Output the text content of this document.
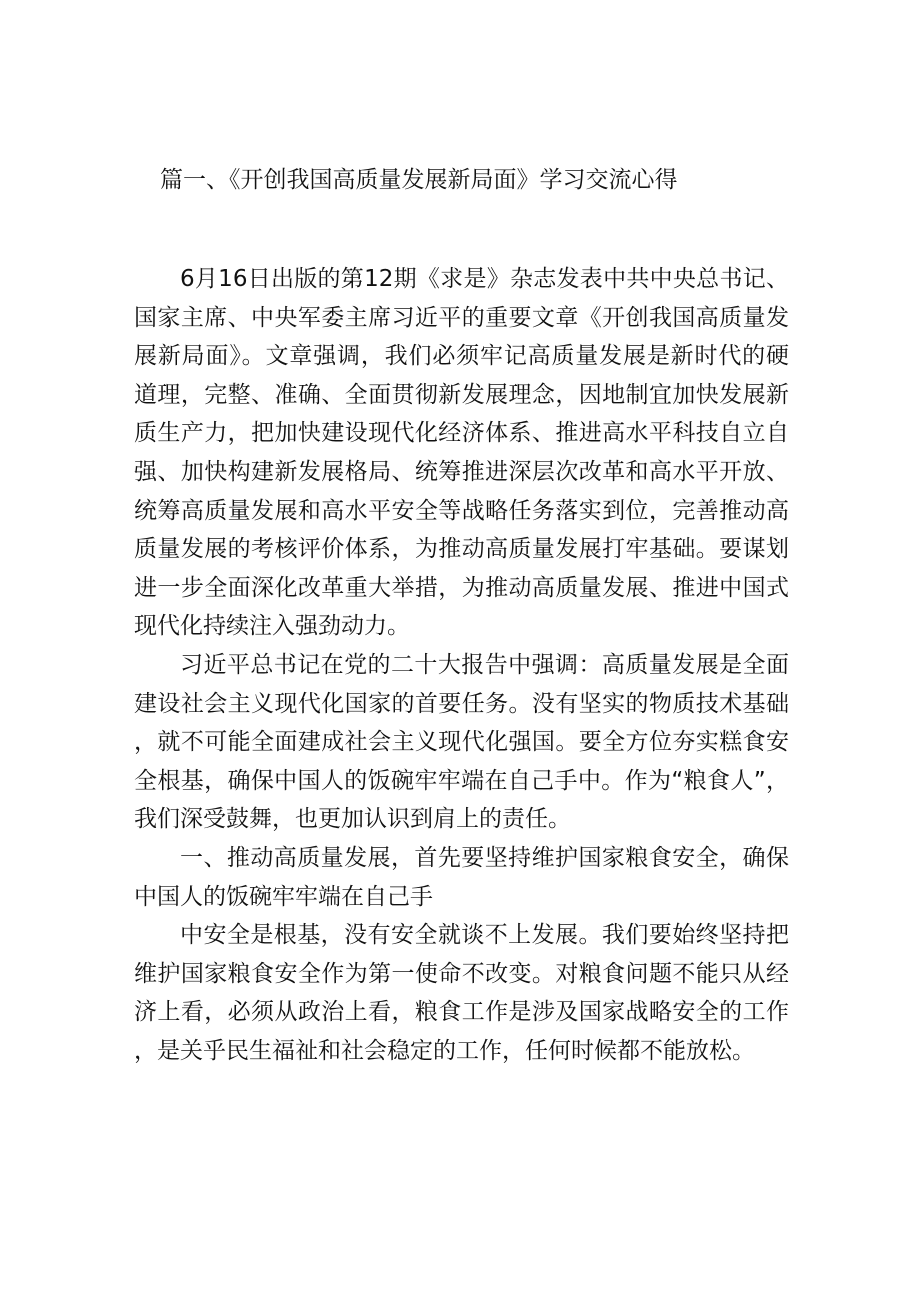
篇一、《开创我国高质量发展新局面》学习交流心得

6月16日出版的第12期《求是》杂志发表中共中央总书记、国家主席、中央军委主席习近平的重要文章《开创我国高质量发展新局面》。文章强调，我们必须牢记高质量发展是新时代的硬道理，完整、准确、全面贯彻新发展理念，因地制宜加快发展新质生产力，把加快建设现代化经济体系、推进高水平科技自立自强、加快构建新发展格局、统筹推进深层次改革和高水平开放、统筹高质量发展和高水平安全等战略任务落实到位，完善推动高质量发展的考核评价体系，为推动高质量发展打牢基础。要谋划进一步全面深化改革重大举措，为推动高质量发展、推进中国式现代化持续注入强劲动力。

习近平总书记在党的二十大报告中强调：高质量发展是全面建设社会主义现代化国家的首要任务。没有坚实的物质技术基础，就不可能全面建成社会主义现代化强国。要全方位夯实糕食安全根基，确保中国人的饭碗牢牢端在自己手中。作为“粮食人”，我们深受鼓舞，也更加认识到肩上的责任。

一、推动高质量发展，首先要坚持维护国家粮食安全，确保中国人的饭碗牢牢端在自己手

中安全是根基，没有安全就谈不上发展。我们要始终坚持把维护国家粮食安全作为第一使命不改变。对粮食问题不能只从经济上看，必须从政治上看，粮食工作是涉及国家战略安全的工作，是关乎民生福祉和社会稳定的工作，任何时候都不能放松。
